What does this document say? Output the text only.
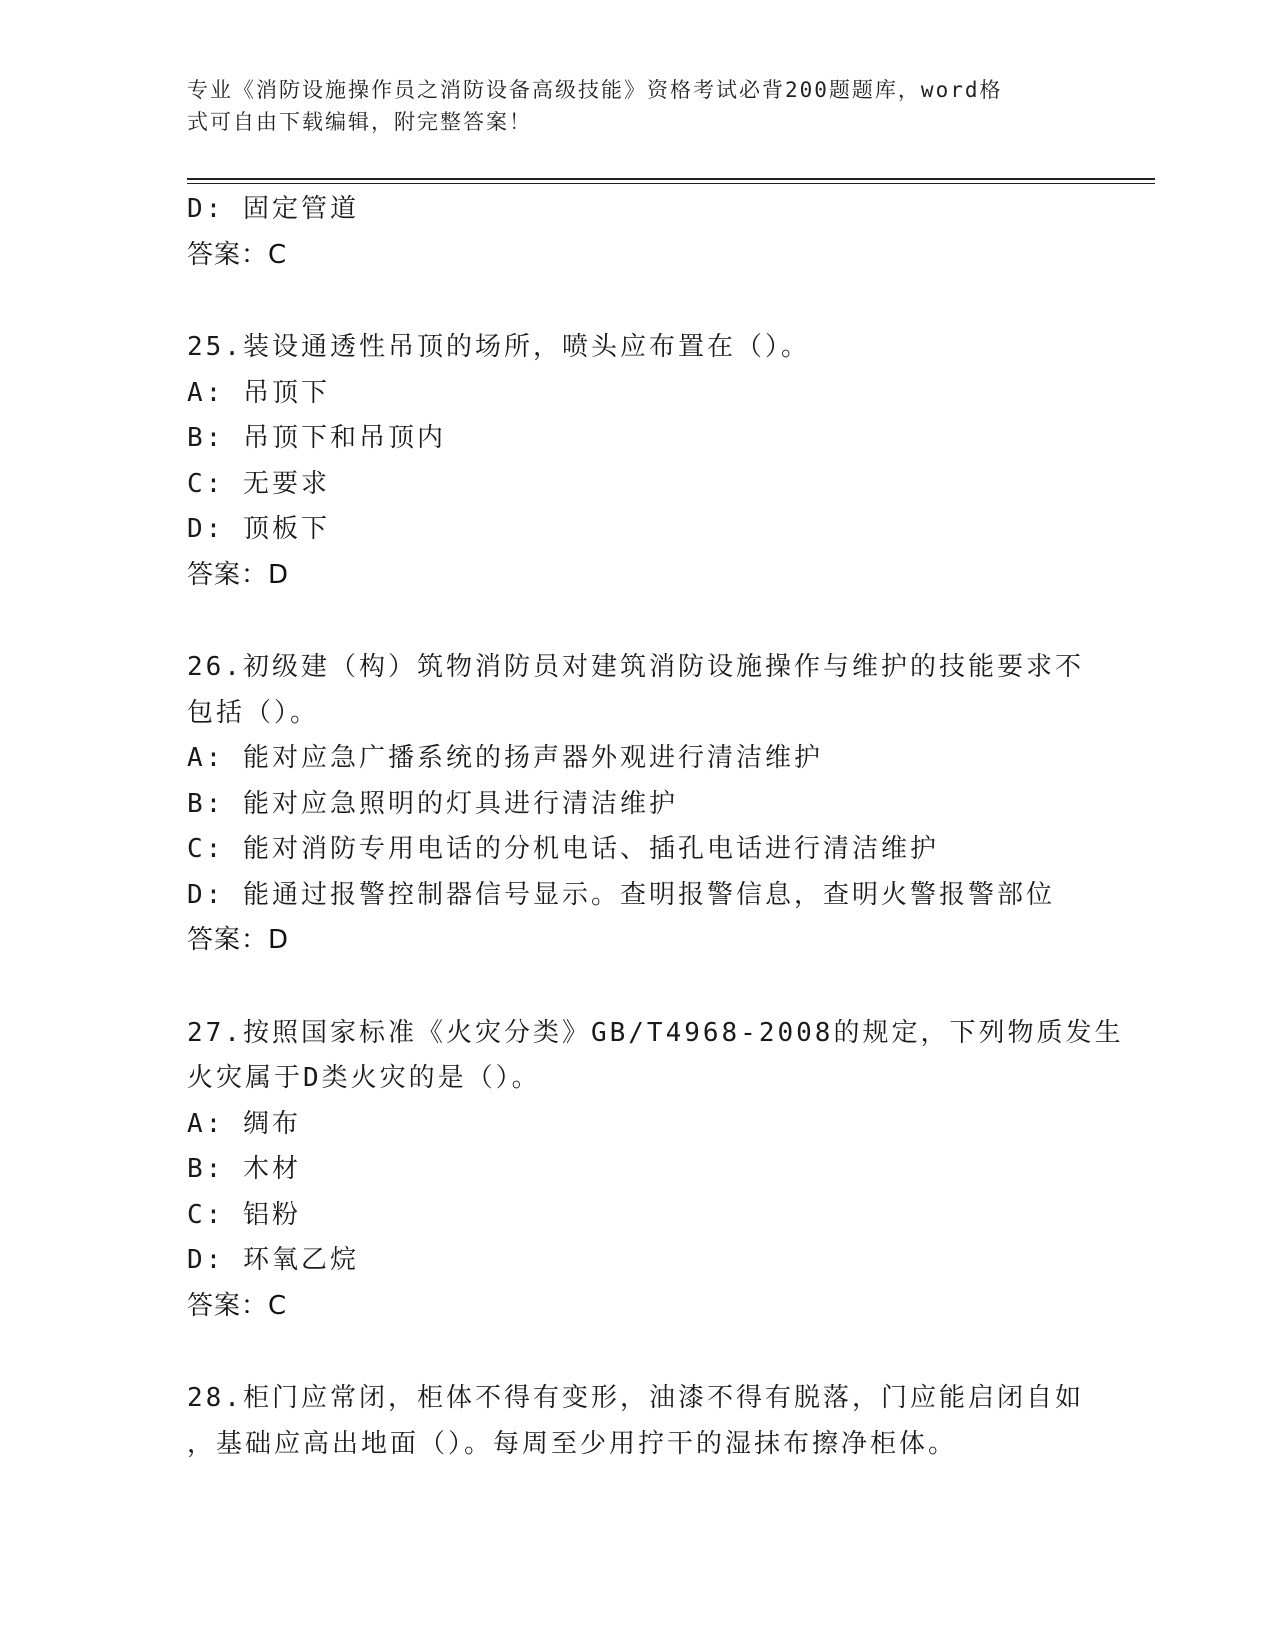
专业《消防设施操作员之消防设备高级技能》资格考试必背200题题库，word格
式可自由下载编辑，附完整答案！
D: 固定管道
答案：C
25.装设通透性吊顶的场所，喷头应布置在（）。
A: 吊顶下
B: 吊顶下和吊顶内
C: 无要求
D: 顶板下
答案：D
26.初级建（构）筑物消防员对建筑消防设施操作与维护的技能要求不
包括（）。
A: 能对应急广播系统的扬声器外观进行清洁维护
B: 能对应急照明的灯具进行清洁维护
C: 能对消防专用电话的分机电话、插孔电话进行清洁维护
D: 能通过报警控制器信号显示。查明报警信息，查明火警报警部位
答案：D
27.按照国家标准《火灾分类》GB/T4968-2008的规定，下列物质发生
火灾属于D类火灾的是（）。
A: 绸布
B: 木材
C: 铝粉
D: 环氧乙烷
答案：C
28.柜门应常闭，柜体不得有变形，油漆不得有脱落，门应能启闭自如
，基础应高出地面（）。每周至少用拧干的湿抹布擦净柜体。
